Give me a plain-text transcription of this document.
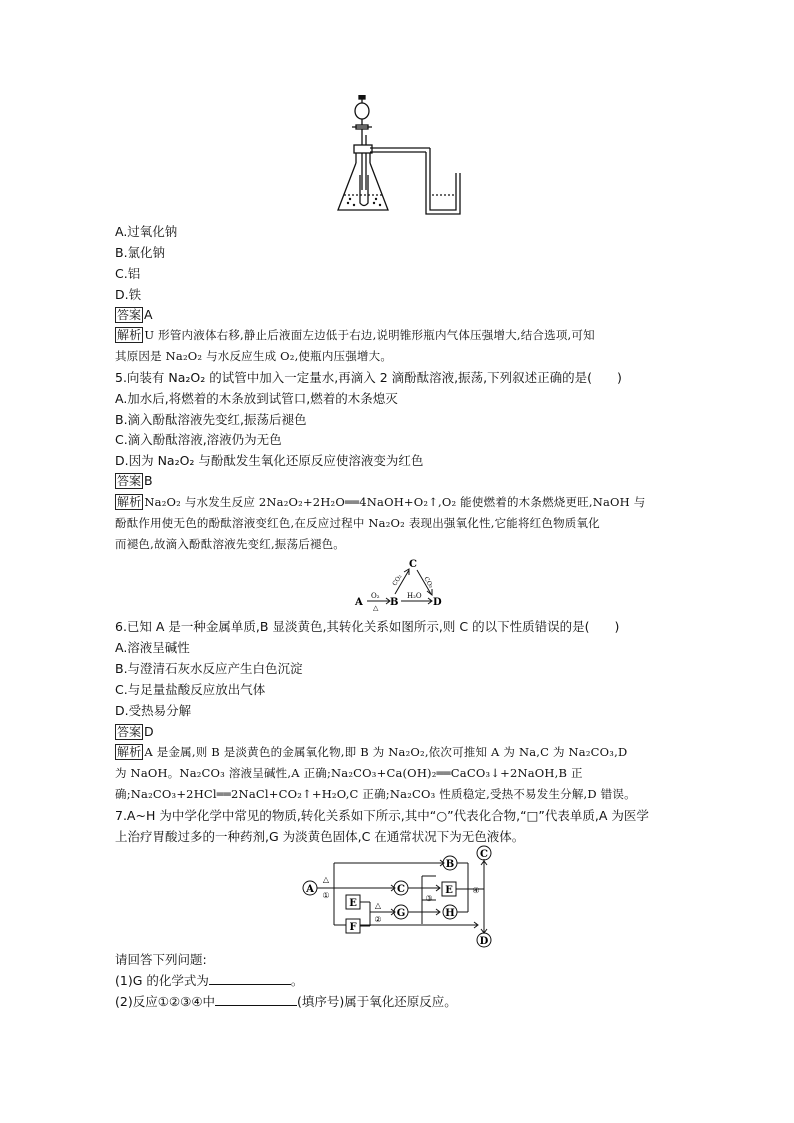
A.过氧化钠
B.氯化钠
C.铝
D.铁
答案 A
解析 U 形管内液体右移,静止后液面左边低于右边,说明锥形瓶内气体压强增大,结合选项,可知
其原因是 Na₂O₂ 与水反应生成 O₂,使瓶内压强增大。
5.向装有 Na₂O₂ 的试管中加入一定量水,再滴入 2 滴酚酞溶液,振荡,下列叙述正确的是(　　)
A.加水后,将燃着的木条放到试管口,燃着的木条熄灭
B.滴入酚酞溶液先变红,振荡后褪色
C.滴入酚酞溶液,溶液仍为无色
D.因为 Na₂O₂ 与酚酞发生氧化还原反应使溶液变为红色
答案 B
解析 Na₂O₂ 与水发生反应 2Na₂O₂+2H₂O══4NaOH+O₂↑,O₂ 能使燃着的木条燃烧更旺,NaOH 与
酚酞作用使无色的酚酞溶液变红色,在反应过程中 Na₂O₂ 表现出强氧化性,它能将红色物质氧化
而褪色,故滴入酚酞溶液先变红,振荡后褪色。
A	B
C
D
O₂
△
H₂O
CO₂	CO₂
6.已知 A 是一种金属单质,B 显淡黄色,其转化关系如图所示,则 C 的以下性质错误的是(　　)
A.溶液呈碱性
B.与澄清石灰水反应产生白色沉淀
C.与足量盐酸反应放出气体
D.受热易分解
答案 D
解析 A 是金属,则 B 是淡黄色的金属氧化物,即 B 为 Na₂O₂,依次可推知 A 为 Na,C 为 Na₂CO₃,D
为 NaOH。Na₂CO₃ 溶液呈碱性,A 正确;Na₂CO₃+Ca(OH)₂══CaCO₃↓+2NaOH,B 正
确;Na₂CO₃+2HCl══2NaCl+CO₂↑+H₂O,C 正确;Na₂CO₃ 性质稳定,受热不易发生分解,D 错误。
7.A~H 为中学化学中常见的物质,转化关系如下所示,其中“○”代表化合物,“□”代表单质,A 为医学
上治疗胃酸过多的一种药剂,G 为淡黄色固体,C 在通常状况下为无色液体。
A
B
C
C
D
E
F
G
E
H
△
①
△
②
③
④
请回答下列问题:
(1)G 的化学式为	。
(2)反应①②③④中	(填序号)属于氧化还原反应。
